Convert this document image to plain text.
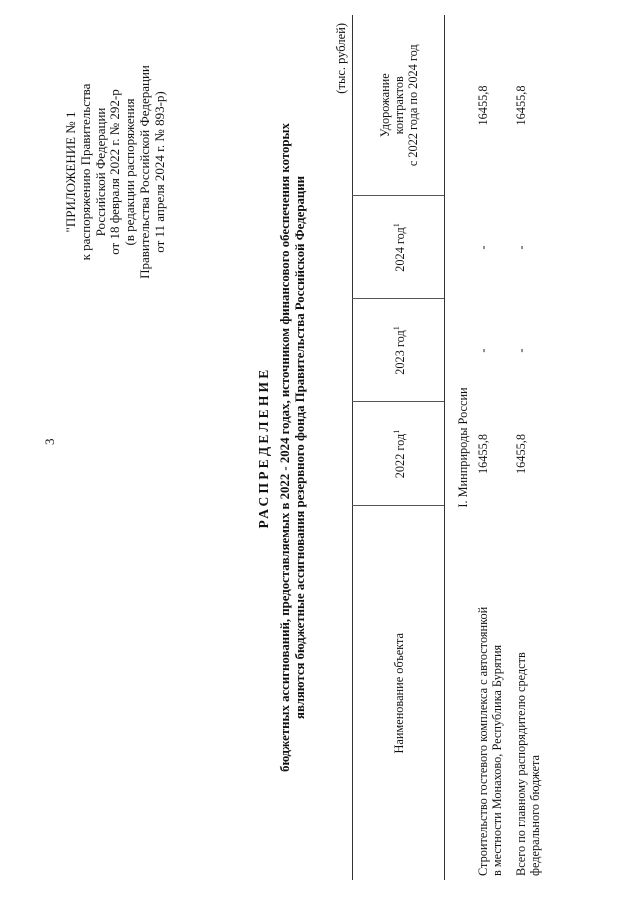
3
"ПРИЛОЖЕНИЕ № 1 к распоряжению Правительства Российской Федерации от 18 февраля 2022 г. № 292-р (в редакции распоряжения Правительства Российской Федерации от 11 апреля 2024 г. № 893-р)
РАСПРЕДЕЛЕНИЕ бюджетных ассигнований, предоставляемых в 2022 - 2024 годах, источником финансового обеспечения которых являются бюджетные ассигнования резервного фонда Правительства Российской Федерации
(тыс. рублей)
Наименование объекта	2022 год$^1$	2023 год$^1$	2024 год$^1$	Удорожание контрактов с 2022 года по 2024 год

I. Минприроды России				

Строительство гостевого комплекса с автостоянкой в местности Монахово, Республика Бурятия	16455,8	-	-	16455,8

Всего по главному распорядителю средств федерального бюджета	16455,8	-	-	16455,8
